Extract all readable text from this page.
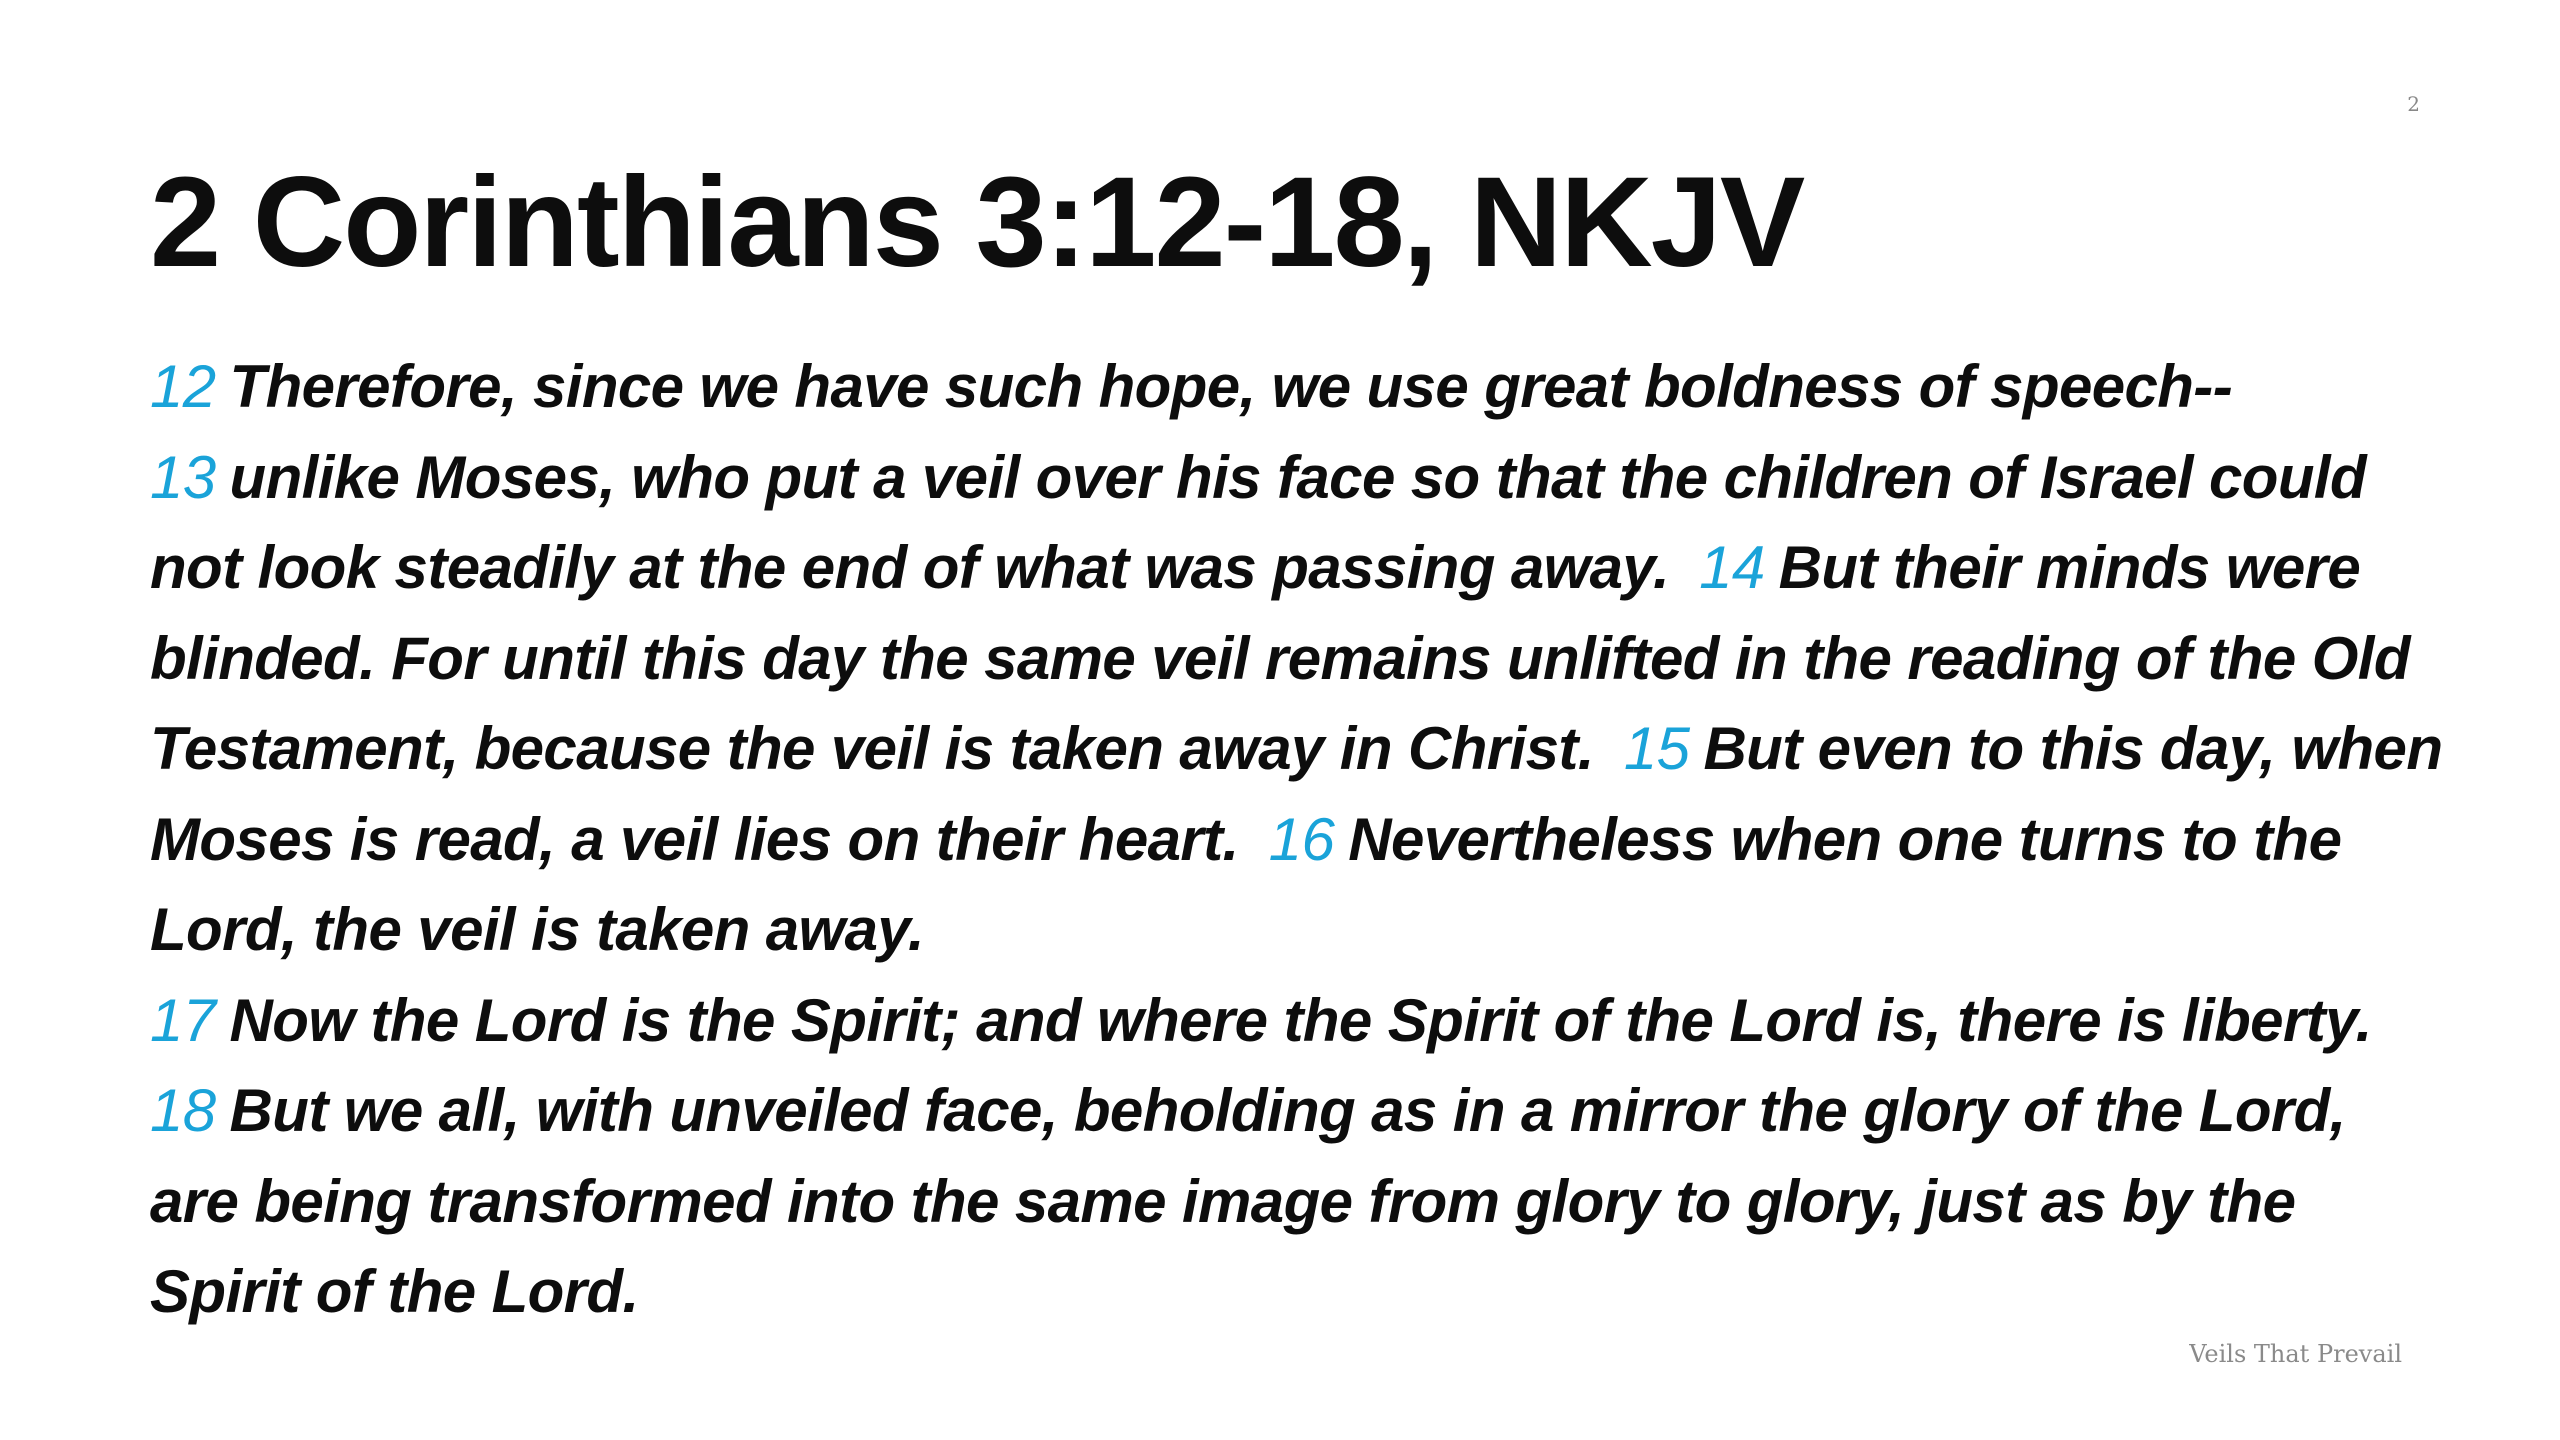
2
2 Corinthians 3:12-18, NKJV

12 Therefore, since we have such hope, we use great boldness of speech--
13 unlike Moses, who put a veil over his face so that the children of Israel could not look steadily at the end of what was passing away. 14 But their minds were blinded. For until this day the same veil remains unlifted in the reading of the Old Testament, because the veil is taken away in Christ. 15 But even to this day, when Moses is read, a veil lies on their heart. 16 Nevertheless when one turns to the Lord, the veil is taken away.
17 Now the Lord is the Spirit; and where the Spirit of the Lord is, there is liberty. 18 But we all, with unveiled face, beholding as in a mirror the glory of the Lord, are being transformed into the same image from glory to glory, just as by the Spirit of the Lord.

Veils That Prevail
